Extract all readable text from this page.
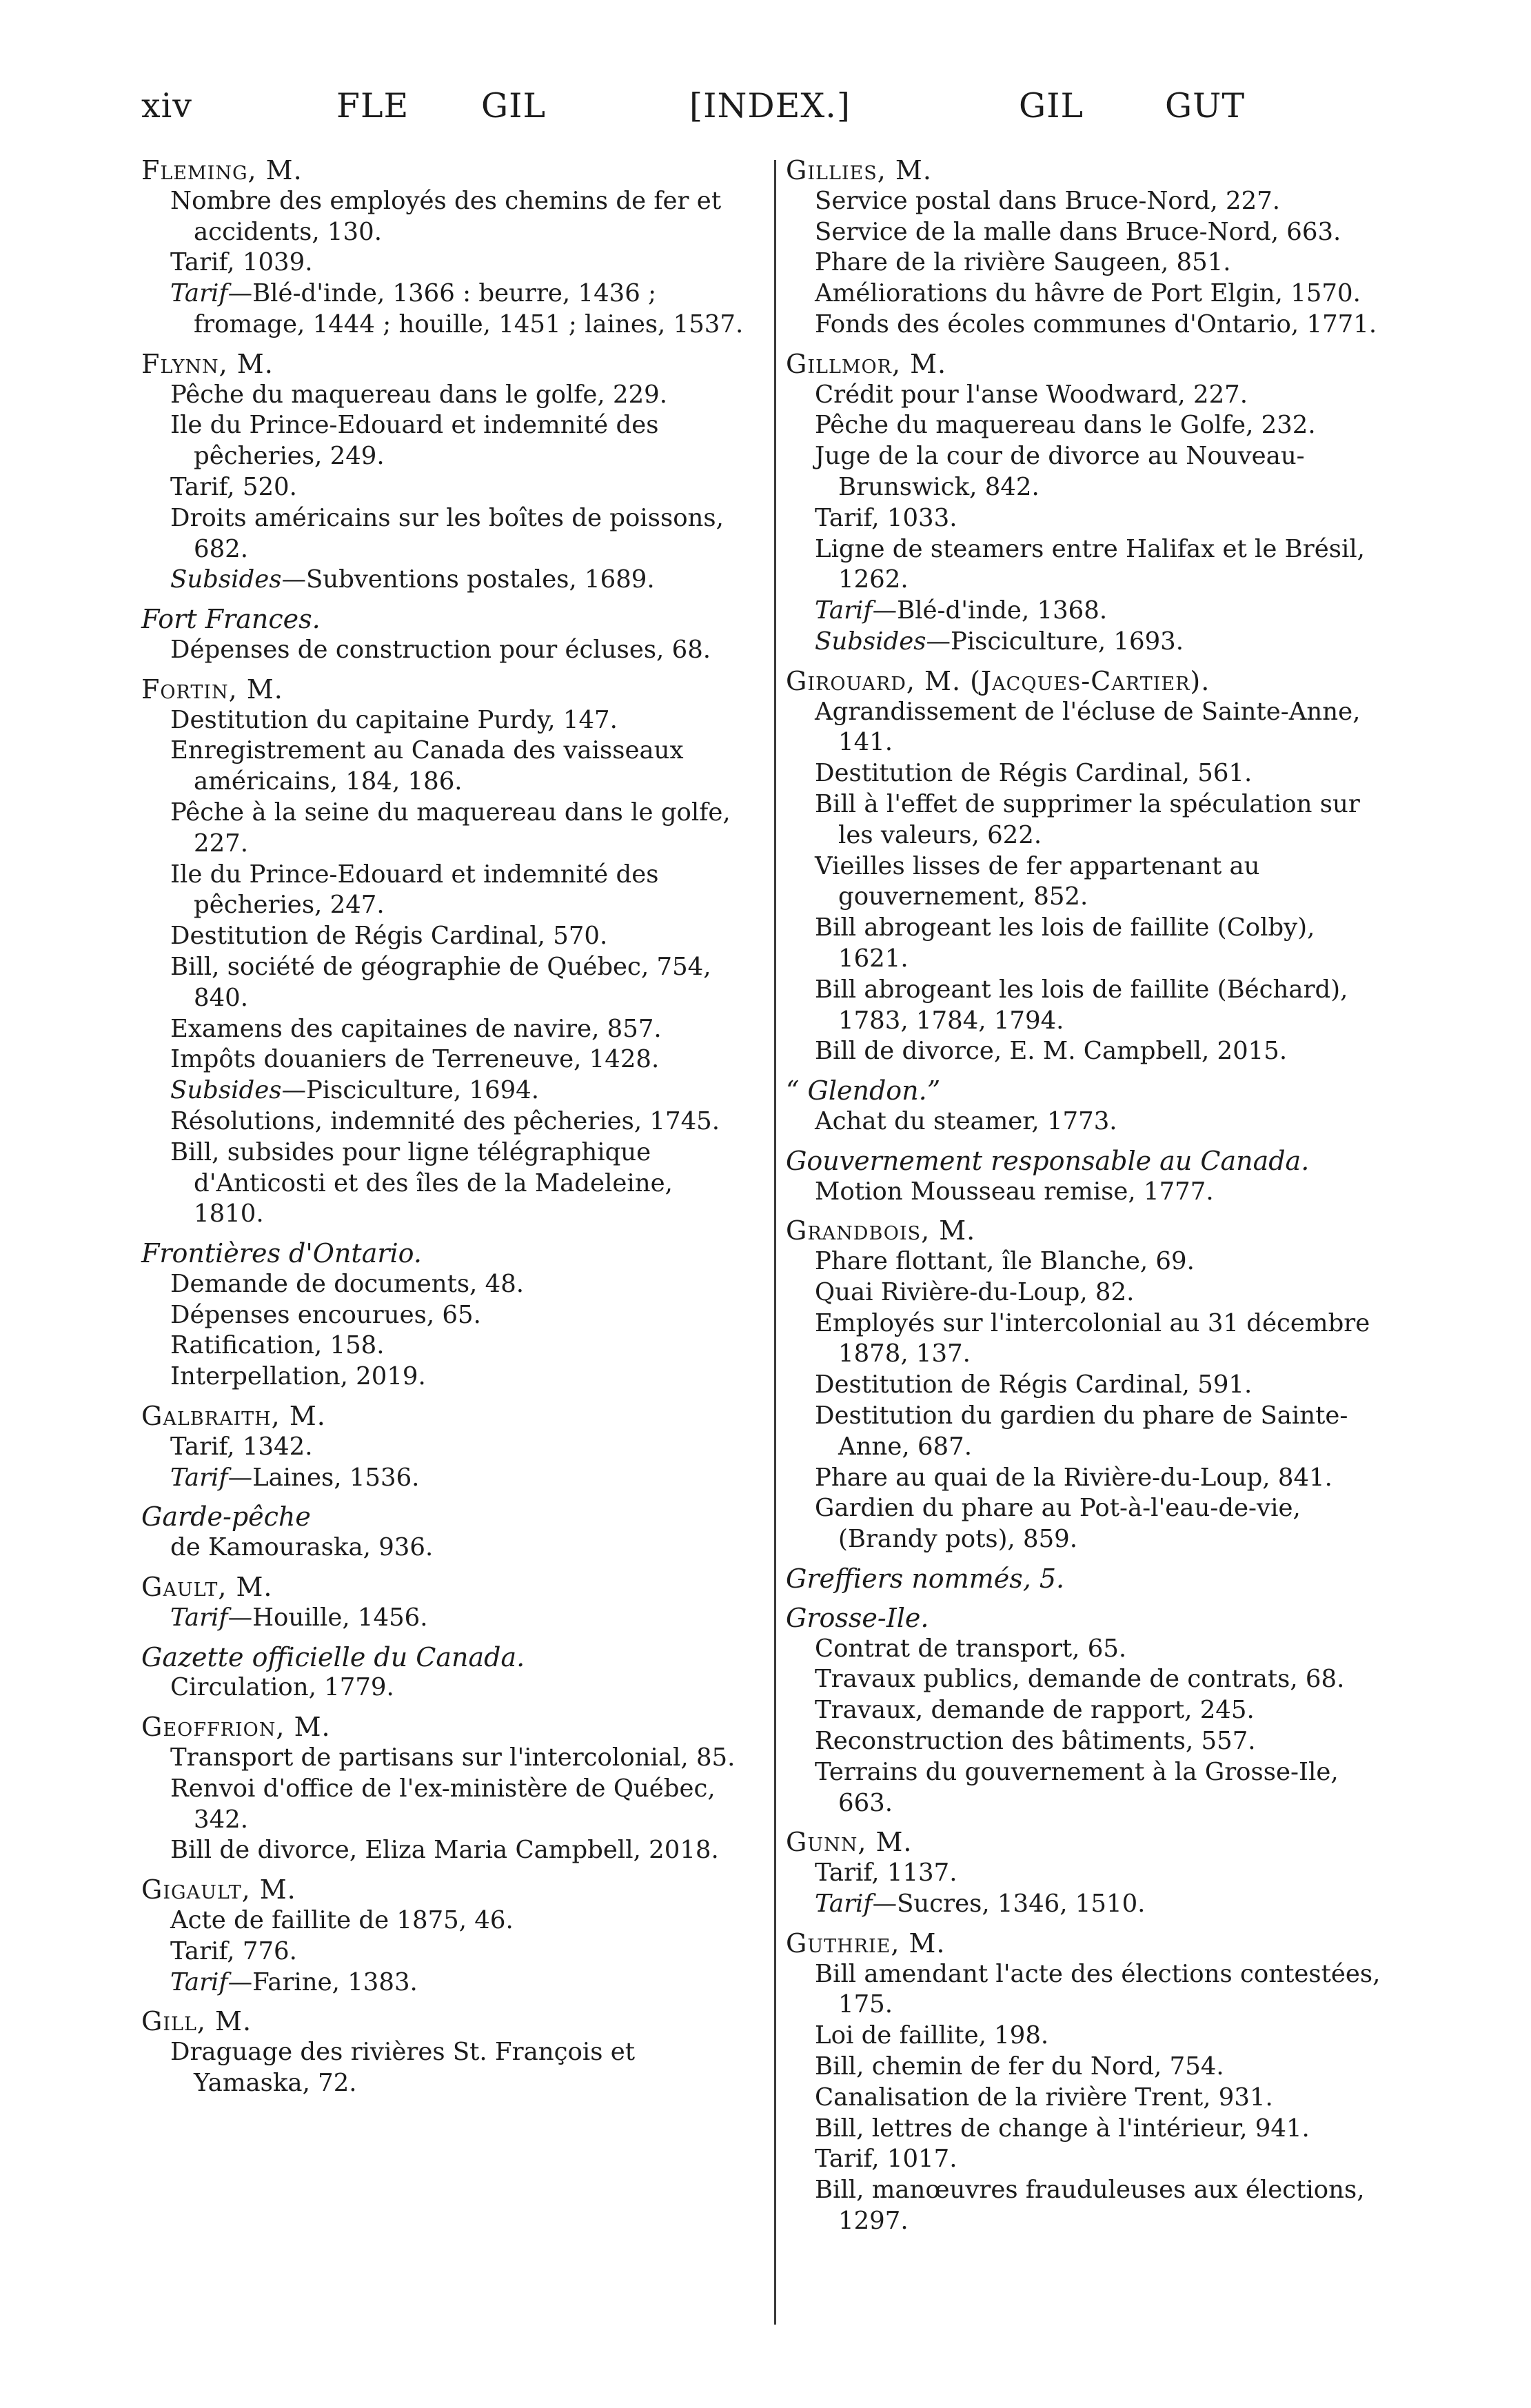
xiv	FLE GIL	[INDEX.]	GIL GUT
Fleming, M.
Nombre des employés des chemins de fer et accidents, 130.
Tarif, 1039.
Tarif—Blé-d'inde, 1366 : beurre, 1436 ; fromage, 1444 ; houille, 1451 ; laines, 1537.
Flynn, M.
Pêche du maquereau dans le golfe, 229.
Ile du Prince-Edouard et indemnité des pêcheries, 249.
Tarif, 520.
Droits américains sur les boîtes de poissons, 682.
Subsides—Subventions postales, 1689.
Fort Frances.
Dépenses de construction pour écluses, 68.
Fortin, M.
Destitution du capitaine Purdy, 147.
Enregistrement au Canada des vaisseaux américains, 184, 186.
Pêche à la seine du maquereau dans le golfe, 227.
Ile du Prince-Edouard et indemnité des pêcheries, 247.
Destitution de Régis Cardinal, 570.
Bill, société de géographie de Québec, 754, 840.
Examens des capitaines de navire, 857.
Impôts douaniers de Terreneuve, 1428.
Subsides—Pisciculture, 1694.
Résolutions, indemnité des pêcheries, 1745.
Bill, subsides pour ligne télégraphique d'Anticosti et des îles de la Madeleine, 1810.
Frontières d'Ontario.
Demande de documents, 48.
Dépenses encourues, 65.
Ratification, 158.
Interpellation, 2019.
Galbraith, M.
Tarif, 1342.
Tarif—Laines, 1536.
Garde-pêche
de Kamouraska, 936.
Gault, M.
Tarif—Houille, 1456.
Gazette officielle du Canada.
Circulation, 1779.
Geoffrion, M.
Transport de partisans sur l'intercolonial, 85.
Renvoi d'office de l'ex-ministère de Québec, 342.
Bill de divorce, Eliza Maria Campbell, 2018.
Gigault, M.
Acte de faillite de 1875, 46.
Tarif, 776.
Tarif—Farine, 1383.
Gill, M.
Draguage des rivières St. François et Yamaska, 72.
Gillies, M.
Service postal dans Bruce-Nord, 227.
Service de la malle dans Bruce-Nord, 663.
Phare de la rivière Saugeen, 851.
Améliorations du hâvre de Port Elgin, 1570.
Fonds des écoles communes d'Ontario, 1771.
Gillmor, M.
Crédit pour l'anse Woodward, 227.
Pêche du maquereau dans le Golfe, 232.
Juge de la cour de divorce au Nouveau-Brunswick, 842.
Tarif, 1033.
Ligne de steamers entre Halifax et le Brésil, 1262.
Tarif—Blé-d'inde, 1368.
Subsides—Pisciculture, 1693.
Girouard, M. (Jacques-Cartier).
Agrandissement de l'écluse de Sainte-Anne, 141.
Destitution de Régis Cardinal, 561.
Bill à l'effet de supprimer la spéculation sur les valeurs, 622.
Vieilles lisses de fer appartenant au gouvernement, 852.
Bill abrogeant les lois de faillite (Colby), 1621.
Bill abrogeant les lois de faillite (Béchard), 1783, 1784, 1794.
Bill de divorce, E. M. Campbell, 2015.
“ Glendon.”
Achat du steamer, 1773.
Gouvernement responsable au Canada.
Motion Mousseau remise, 1777.
Grandbois, M.
Phare flottant, île Blanche, 69.
Quai Rivière-du-Loup, 82.
Employés sur l'intercolonial au 31 décembre 1878, 137.
Destitution de Régis Cardinal, 591.
Destitution du gardien du phare de Sainte-Anne, 687.
Phare au quai de la Rivière-du-Loup, 841.
Gardien du phare au Pot-à-l'eau-de-vie, (Brandy pots), 859.
Greffiers nommés, 5.
Grosse-Ile.
Contrat de transport, 65.
Travaux publics, demande de contrats, 68.
Travaux, demande de rapport, 245.
Reconstruction des bâtiments, 557.
Terrains du gouvernement à la Grosse-Ile, 663.
Gunn, M.
Tarif, 1137.
Tarif—Sucres, 1346, 1510.
Guthrie, M.
Bill amendant l'acte des élections contestées, 175.
Loi de faillite, 198.
Bill, chemin de fer du Nord, 754.
Canalisation de la rivière Trent, 931.
Bill, lettres de change à l'intérieur, 941.
Tarif, 1017.
Bill, manœuvres frauduleuses aux élections, 1297.
